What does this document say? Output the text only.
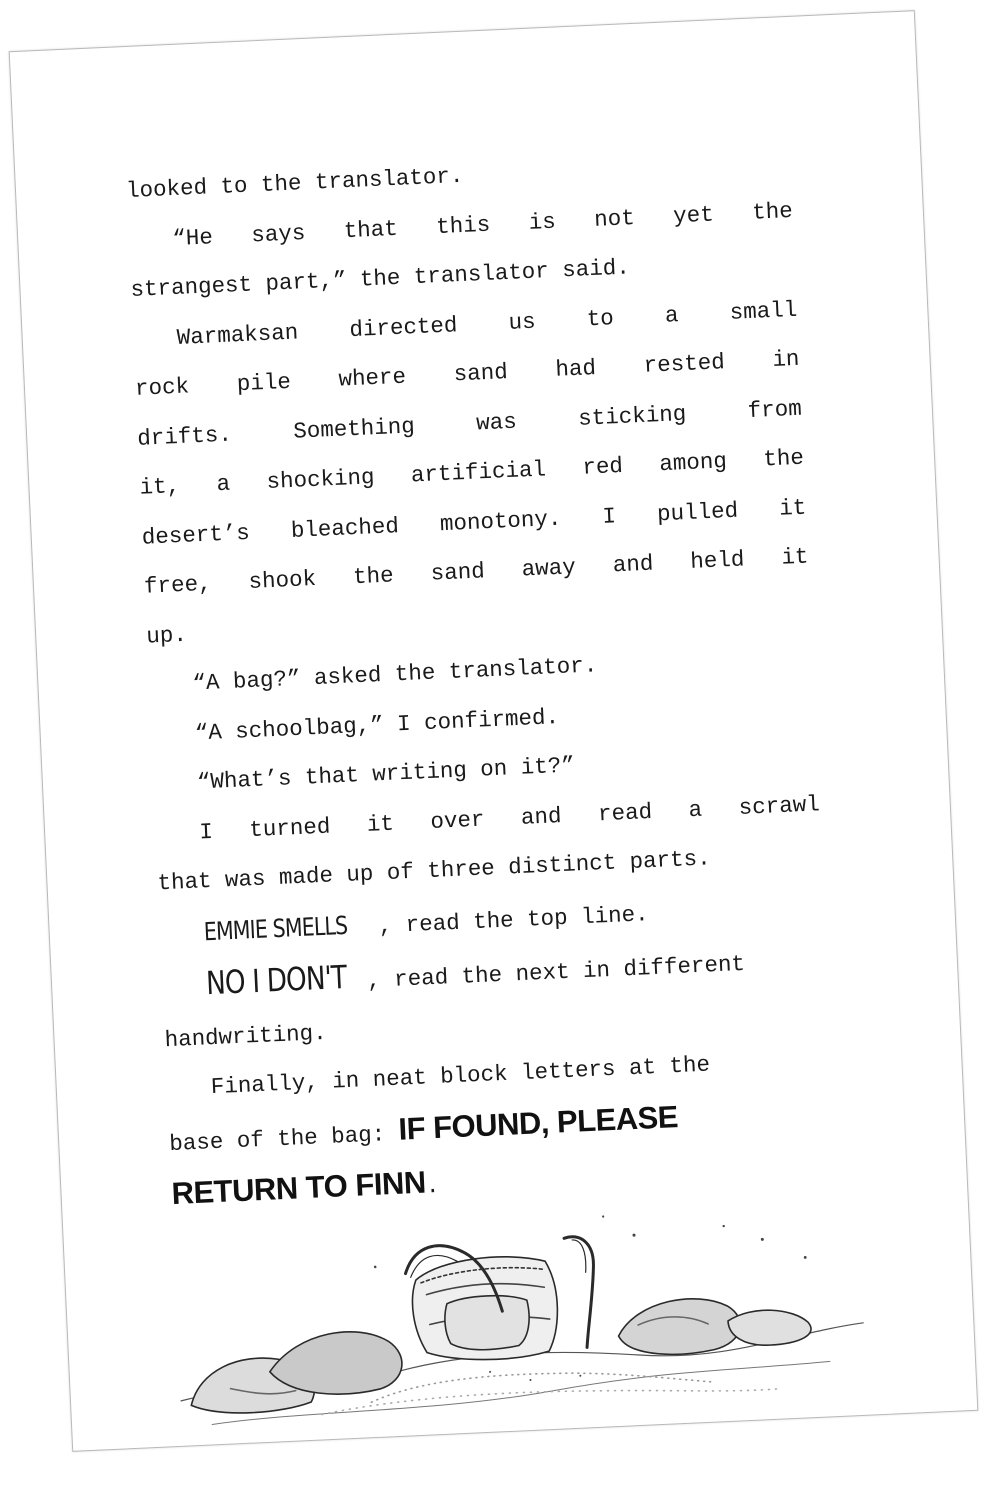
looked to the translator.
“He says that this is not yet the
strangest part,” the translator said.
Warmaksan directed us to a small
rock pile where sand had rested in
drifts.	Something	was	sticking	from
it, a shocking artificial red among the
desert’s bleached monotony. I pulled it
free, shook the sand away and held it
up.
“A bag?” asked the translator.
“A schoolbag,” I confirmed.
“What’s that writing on it?”
I turned it over and read a scrawl
that was made up of three distinct parts.
EMMIE SMELLS , read the top line.
NO I DON'T , read the next in different
handwriting.
Finally, in neat block letters at the
base of the bag: IF FOUND, PLEASE
RETURN TO FINN.
